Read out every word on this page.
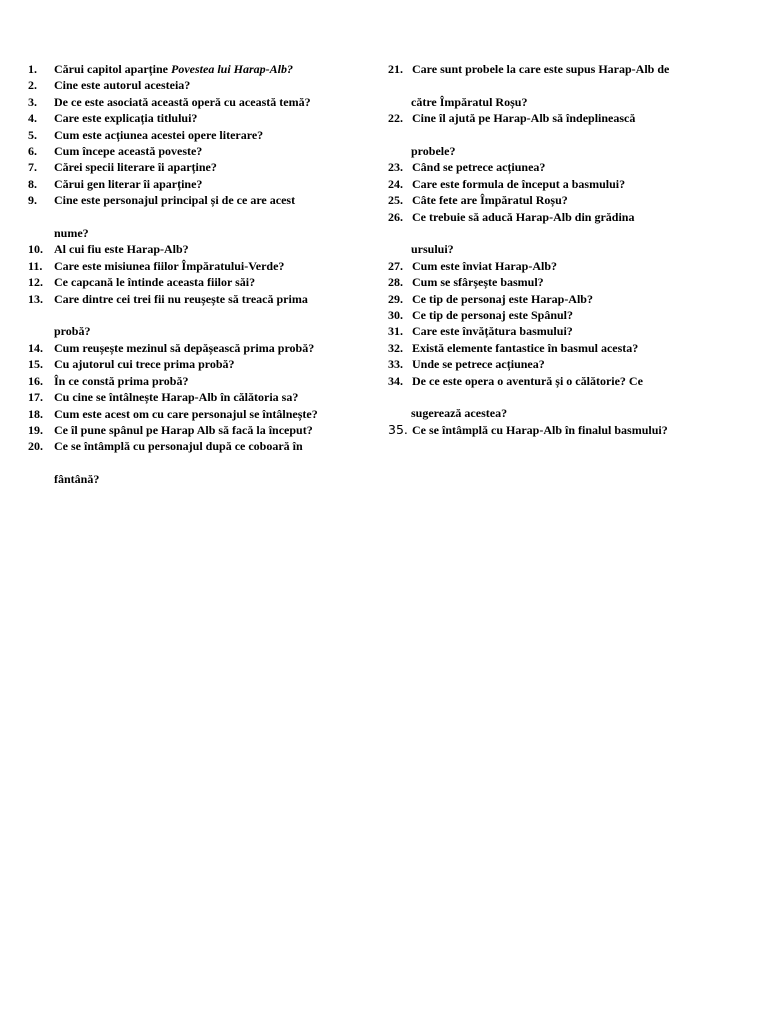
1.	Cărui capitol aparține Povestea lui Harap-Alb?
2.	Cine este autorul acesteia?
3.	De ce este asociată această operă cu această temă?
4.	Care este explicația titlului?
5.	Cum este acțiunea acestei opere literare?
6.	Cum începe această poveste?
7.	Cărei specii literare îi aparține?
8.	Cărui gen literar îi aparține?
9.	Cine este personajul principal și de ce are acest
nume?
10. Al cui fiu este Harap-Alb?
11. Care este misiunea fiilor Împăratului-Verde?
12. Ce capcană le întinde aceasta fiilor săi?
13. Care dintre cei trei fii nu reușește să treacă prima
probă?
14. Cum reușește mezinul să depășească prima probă?
15. Cu ajutorul cui trece prima probă?
16. În ce constă prima probă?
17. Cu cine se întâlnește Harap-Alb în călătoria sa?
18. Cum este acest om cu care personajul se întâlnește?
19. Ce îl pune spânul pe Harap Alb să facă la început?
20. Ce se întâmplă cu personajul după ce coboară în
fântână?
21. Care sunt probele la care este supus Harap-Alb de
către Împăratul Roșu?
22. Cine îl ajută pe Harap-Alb să îndeplinească
probele?
23. Când se petrece acțiunea?
24. Care este formula de început a basmului?
25. Câte fete are Împăratul Roșu?
26. Ce trebuie să aducă Harap-Alb din grădina
ursului?
27. Cum este înviat Harap-Alb?
28. Cum se sfârșește basmul?
29. Ce tip de personaj este Harap-Alb?
30. Ce tip de personaj este Spânul?
31. Care este învățătura basmului?
32. Există elemente fantastice în basmul acesta?
33. Unde se petrece acțiunea?
34. De ce este opera o aventură și o călătorie? Ce
sugerează acestea?
35. Ce se întâmplă cu Harap-Alb în finalul basmului?
